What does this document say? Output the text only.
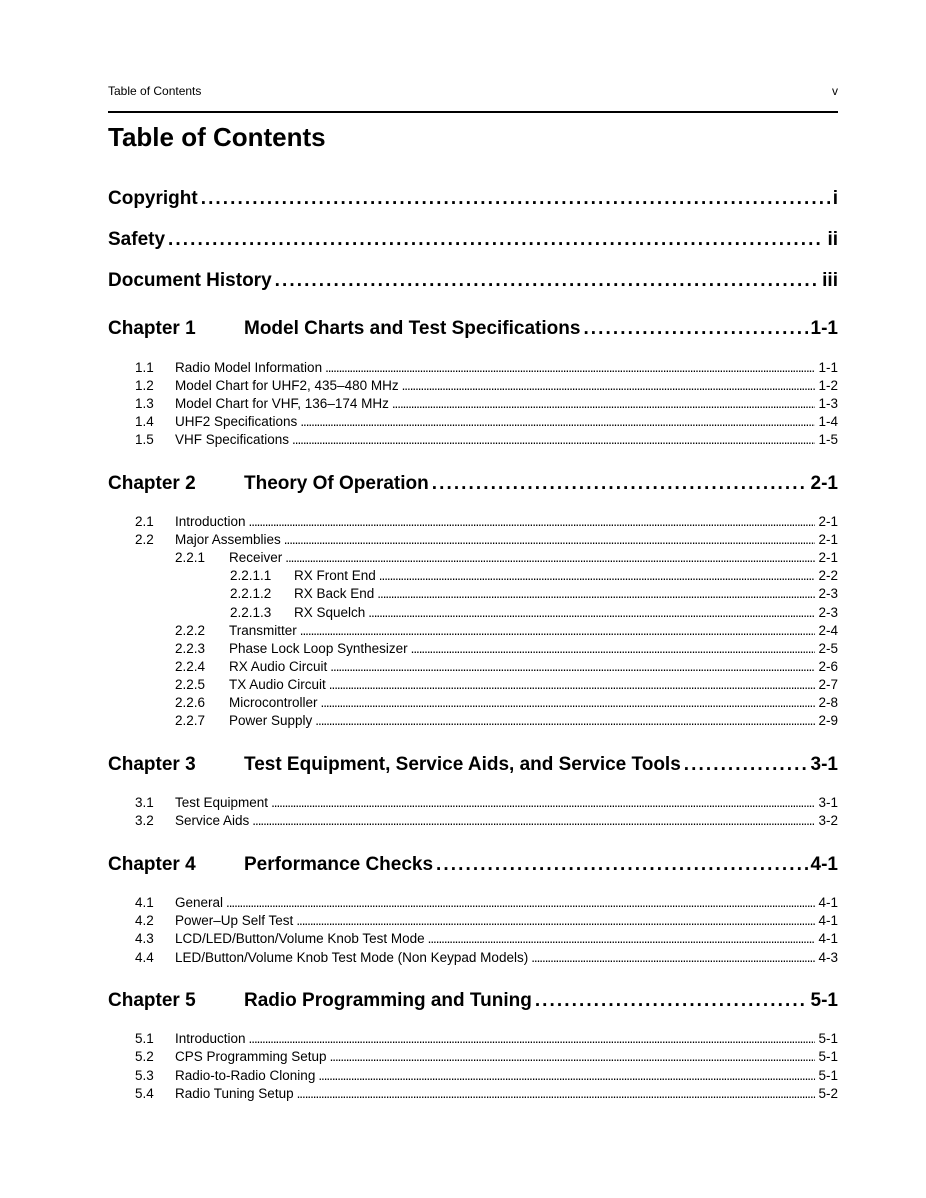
Table of Contents	v
Table of Contents
Copyright . . .	i
Safety . . .	ii
Document History . . .	iii
Chapter 1	Model Charts and Test Specifications . . .	1-1
1.1	Radio Model Information . . .	1-1
1.2	Model Chart for UHF2, 435–480 MHz . . .	1-2
1.3	Model Chart for VHF, 136–174 MHz . . .	1-3
1.4	UHF2 Specifications . . .	1-4
1.5	VHF Specifications . . .	1-5
Chapter 2	Theory Of Operation . . .	2-1
2.1	Introduction . . .	2-1
2.2	Major Assemblies . . .	2-1
2.2.1	Receiver . . .	2-1
2.2.1.1	RX Front End . . .	2-2
2.2.1.2	RX Back End . . .	2-3
2.2.1.3	RX Squelch . . .	2-3
2.2.2	Transmitter . . .	2-4
2.2.3	Phase Lock Loop Synthesizer . . .	2-5
2.2.4	RX Audio Circuit . . .	2-6
2.2.5	TX Audio Circuit . . .	2-7
2.2.6	Microcontroller . . .	2-8
2.2.7	Power Supply . . .	2-9
Chapter 3	Test Equipment, Service Aids, and Service Tools . . .	3-1
3.1	Test Equipment . . .	3-1
3.2	Service Aids . . .	3-2
Chapter 4	Performance Checks . . .	4-1
4.1	General . . .	4-1
4.2	Power–Up Self Test . . .	4-1
4.3	LCD/LED/Button/Volume Knob Test Mode . . .	4-1
4.4	LED/Button/Volume Knob Test Mode (Non Keypad Models) . . .	4-3
Chapter 5	Radio Programming and Tuning . . .	5-1
5.1	Introduction . . .	5-1
5.2	CPS Programming Setup . . .	5-1
5.3	Radio-to-Radio Cloning . . .	5-1
5.4	Radio Tuning Setup . . .	5-2
